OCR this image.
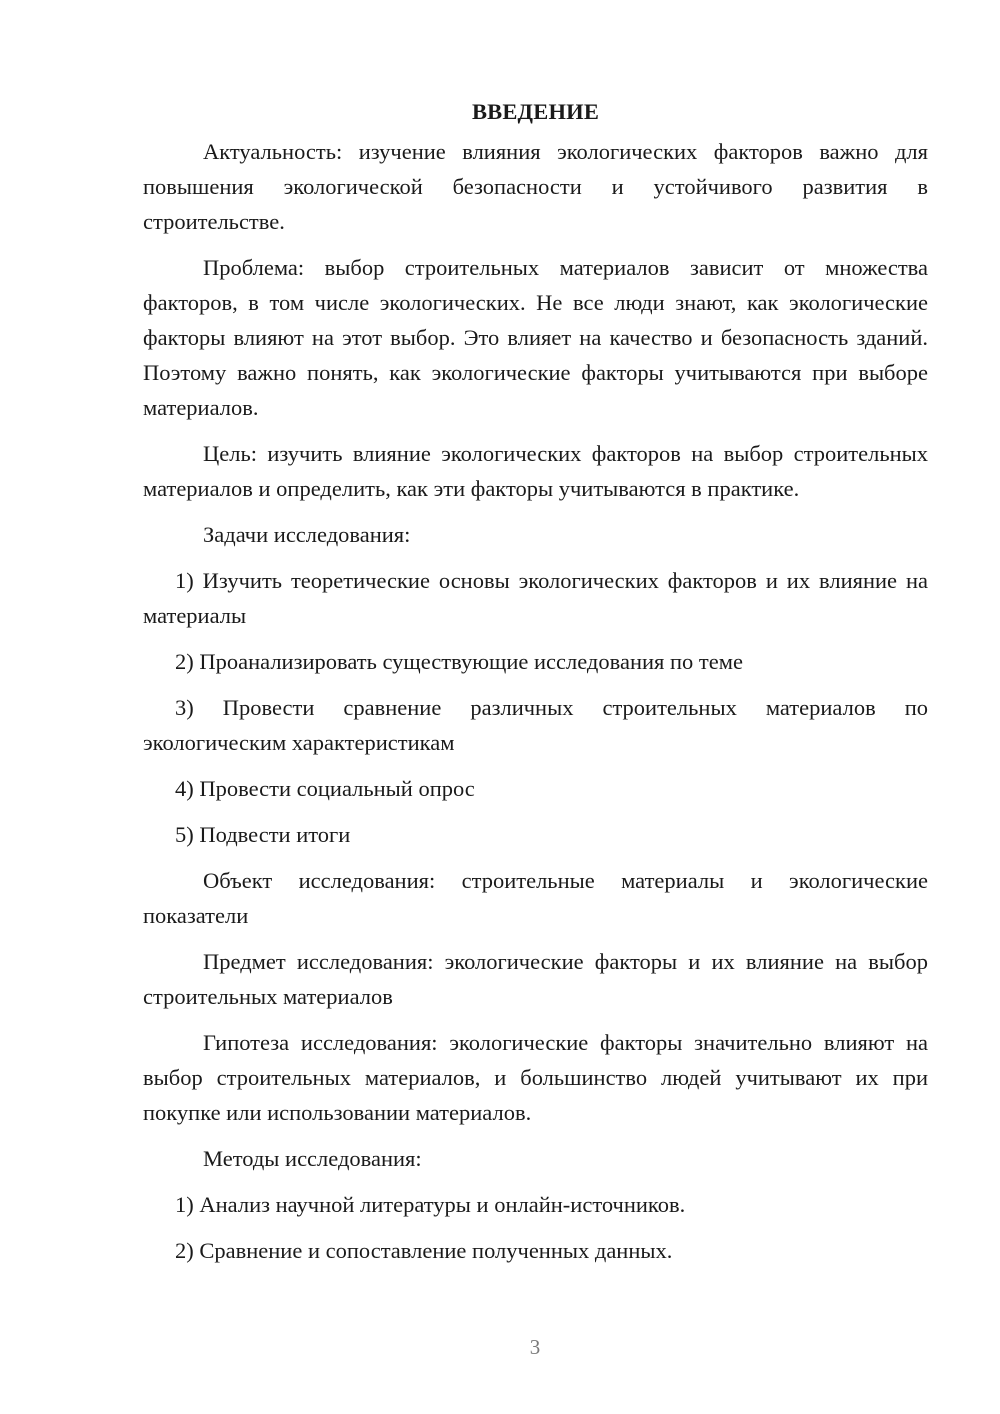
ВВЕДЕНИЕ

Актуальность: изучение влияния экологических факторов важно для повышения экологической безопасности и устойчивого развития в строительстве.

Проблема: выбор строительных материалов зависит от множества факторов, в том числе экологических. Не все люди знают, как экологические факторы влияют на этот выбор. Это влияет на качество и безопасность зданий. Поэтому важно понять, как экологические факторы учитываются при выборе материалов.

Цель: изучить влияние экологических факторов на выбор строительных материалов и определить, как эти факторы учитываются в практике.

Задачи исследования:

1) Изучить теоретические основы экологических факторов и их влияние на материалы

2) Проанализировать существующие исследования по теме

3) Провести сравнение различных строительных материалов по экологическим характеристикам

4) Провести социальный опрос

5) Подвести итоги

Объект исследования: строительные материалы и экологические показатели

Предмет исследования: экологические факторы и их влияние на выбор строительных материалов

Гипотеза исследования: экологические факторы значительно влияют на выбор строительных материалов, и большинство людей учитывают их при покупке или использовании материалов.

Методы исследования:

1) Анализ научной литературы и онлайн-источников.

2) Сравнение и сопоставление полученных данных.

3
